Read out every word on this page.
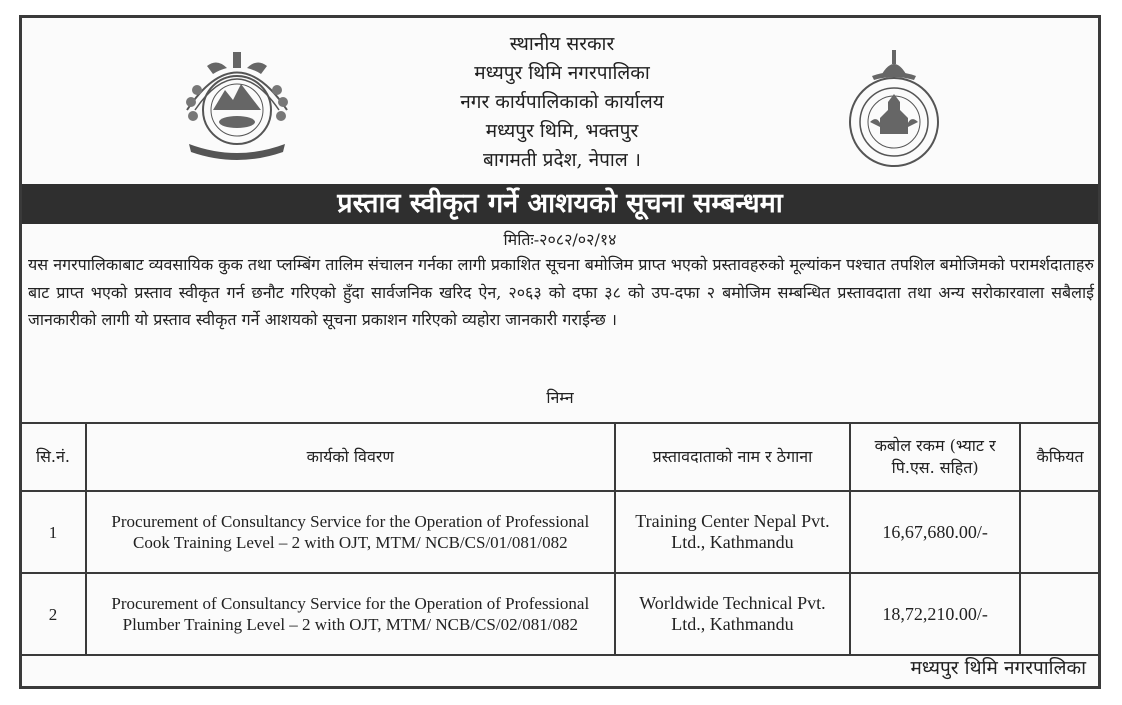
स्थानीय सरकार
मध्यपुर थिमि नगरपालिका
नगर कार्यपालिकाको कार्यालय
मध्यपुर थिमि, भक्तपुर
बागमती प्रदेश, नेपाल ।
प्रस्ताव स्वीकृत गर्ने आशयको सूचना सम्बन्धमा
मितिः-२०८२/०२/१४
यस नगरपालिकाबाट व्यवसायिक कुक तथा प्लम्बिंग तालिम संचालन गर्नका लागी प्रकाशित सूचना बमोजिम प्राप्त भएको प्रस्तावहरुको मूल्यांकन पश्चात तपशिल बमोजिमको परामर्शदाताहरु बाट प्राप्त भएको प्रस्ताव स्वीकृत गर्न छनौट गरिएको हुँदा सार्वजनिक खरिद ऐन, २०६३ को दफा ३८ को उप-दफा २ बमोजिम सम्बन्धित प्रस्तावदाता तथा अन्य सरोकारवाला सबैलाई जानकारीको लागी यो प्रस्ताव स्वीकृत गर्ने आशयको सूचना प्रकाशन गरिएको व्यहोरा जानकारी गराईन्छ ।
निम्न
सि.नं.	कार्यको विवरण	प्रस्तावदाताको नाम र ठेगाना	कबोल रकम (भ्याट र पि.एस. सहित)	कैफियत
1	Procurement of Consultancy Service for the Operation of Professional Cook Training Level – 2 with OJT, MTM/ NCB/CS/01/081/082	Training Center Nepal Pvt. Ltd., Kathmandu	16,67,680.00/-	
2	Procurement of Consultancy Service for the Operation of Professional Plumber Training Level – 2 with OJT, MTM/ NCB/CS/02/081/082	Worldwide Technical Pvt. Ltd., Kathmandu	18,72,210.00/-	
मध्यपुर थिमि नगरपालिका
